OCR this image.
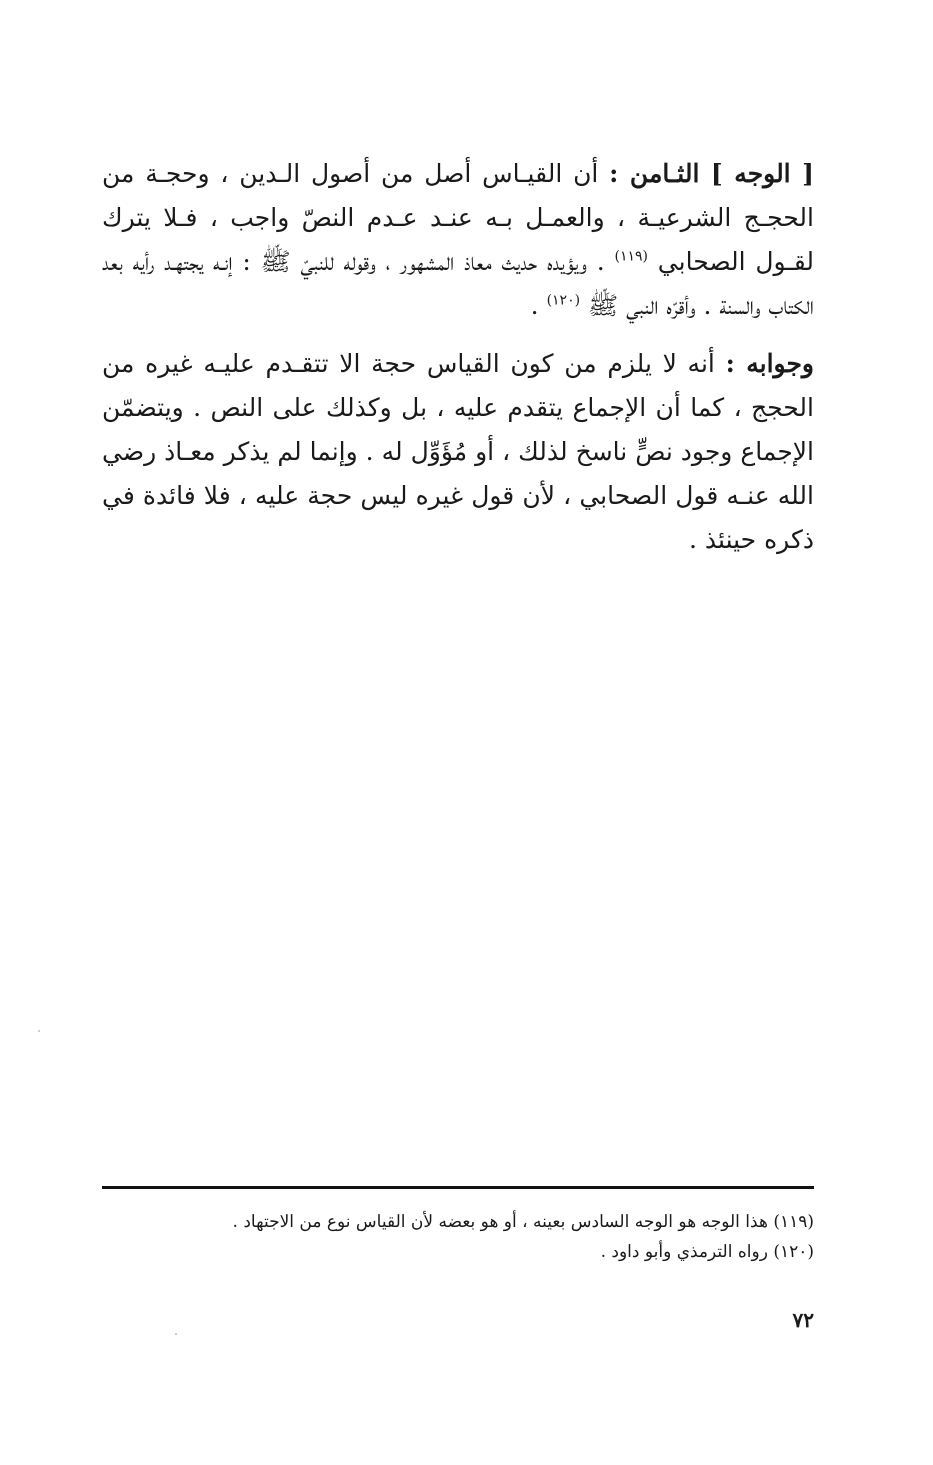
[ الوجه ] الثـامن : أن القيـاس أصل من أصول الـدين ، وحجـة من الحجـج الشرعيـة ، والعمـل بـه عنـد عـدم النصّ واجب ، فـلا يترك لقـول الصحابي $^{(١١٩)}$ . ويؤيده حديث معاذ المشهور ، وقوله للنبيّ ﷺ : إنـه يجتهـد رأيه بعد الكتاب والسنة . وأقرّه النبي ﷺ $^{(١٢٠)}$ .

وجوابه : أنه لا يلزم من كون القياس حجة الا تتقـدم عليـه غيره من الحجج ، كما أن الإجماع يتقدم عليه ، بل وكذلك على النص . ويتضمّن الإجماع وجود نصٍّ ناسخ لذلك ، أو مُؤَوِّل له . وإنما لم يذكر معـاذ رضي الله عنـه قول الصحابي ، لأن قول غيره ليس حجة عليه ، فلا فائدة في ذكره حينئذ .

(١١٩) هذا الوجه هو الوجه السادس بعينه ، أو هو بعضه لأن القياس نوع من الاجتهاد .

(١٢٠) رواه الترمذي وأبو داود .

٧٢
